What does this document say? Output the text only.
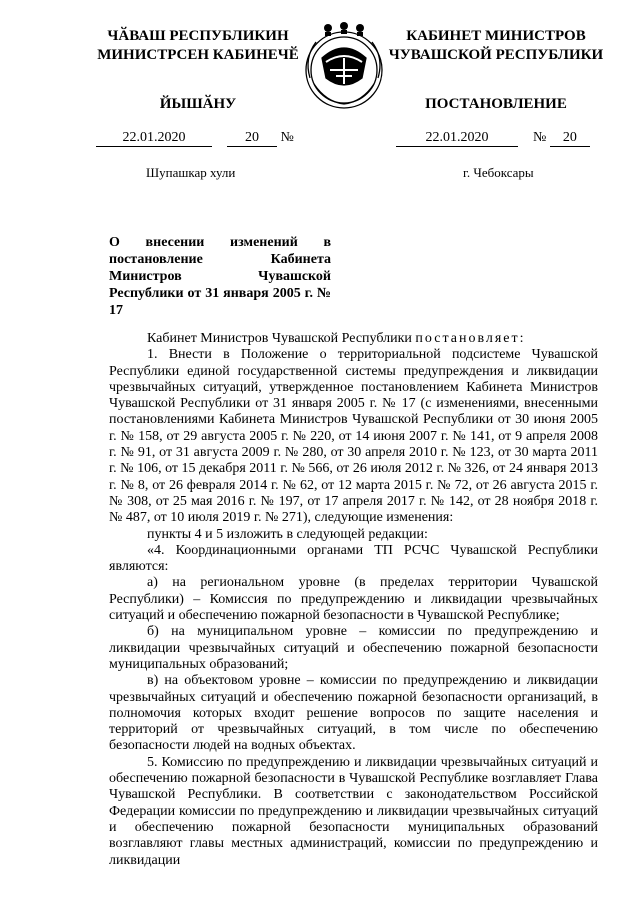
ЧӐВАШ РЕСПУБЛИКИН
МИНИСТРСЕН КАБИНЕЧӖ
ЙЫШӐНУ
КАБИНЕТ МИНИСТРОВ
ЧУВАШСКОЙ РЕСПУБЛИКИ
ПОСТАНОВЛЕНИЕ
22.01.2020	20 №	22.01.2020	№ 20
Шупашкар хули	г. Чебоксары
О внесении изменений в постановление Кабинета Министров Чувашской Республики от 31 января 2005 г. № 17

Кабинет Министров Чувашской Республики постановляет:

1. Внести в Положение о территориальной подсистеме Чувашской Республики единой государственной системы предупреждения и ликвидации чрезвычайных ситуаций, утвержденное постановлением Кабинета Министров Чувашской Республики от 31 января 2005 г. № 17 (с изменениями, внесенными постановлениями Кабинета Министров Чувашской Республики от 30 июня 2005 г. № 158, от 29 августа 2005 г. № 220, от 14 июня 2007 г. № 141, от 9 апреля 2008 г. № 91, от 31 августа 2009 г. № 280, от 30 апреля 2010 г. № 123, от 30 марта 2011 г. № 106, от 15 декабря 2011 г. № 566, от 26 июля 2012 г. № 326, от 24 января 2013 г. № 8, от 26 февраля 2014 г. № 62, от 12 марта 2015 г. № 72, от 26 августа 2015 г. № 308, от 25 мая 2016 г. № 197, от 17 апреля 2017 г. № 142, от 28 ноября 2018 г. № 487, от 10 июля 2019 г. № 271), следующие изменения:

пункты 4 и 5 изложить в следующей редакции:

«4. Координационными органами ТП РСЧС Чувашской Республики являются:

а) на региональном уровне (в пределах территории Чувашской Республики) – Комиссия по предупреждению и ликвидации чрезвычайных ситуаций и обеспечению пожарной безопасности в Чувашской Республике;

б) на муниципальном уровне – комиссии по предупреждению и ликвидации чрезвычайных ситуаций и обеспечению пожарной безопасности муниципальных образований;

в) на объектовом уровне – комиссии по предупреждению и ликвидации чрезвычайных ситуаций и обеспечению пожарной безопасности организаций, в полномочия которых входит решение вопросов по защите населения и территорий от чрезвычайных ситуаций, в том числе по обеспечению безопасности людей на водных объектах.

5. Комиссию по предупреждению и ликвидации чрезвычайных ситуаций и обеспечению пожарной безопасности в Чувашской Республике возглавляет Глава Чувашской Республики. В соответствии с законодательством Российской Федерации комиссии по предупреждению и ликвидации чрезвычайных ситуаций и обеспечению пожарной безопасности муниципальных образований возглавляют главы местных администраций, комиссии по предупреждению и ликвидации
